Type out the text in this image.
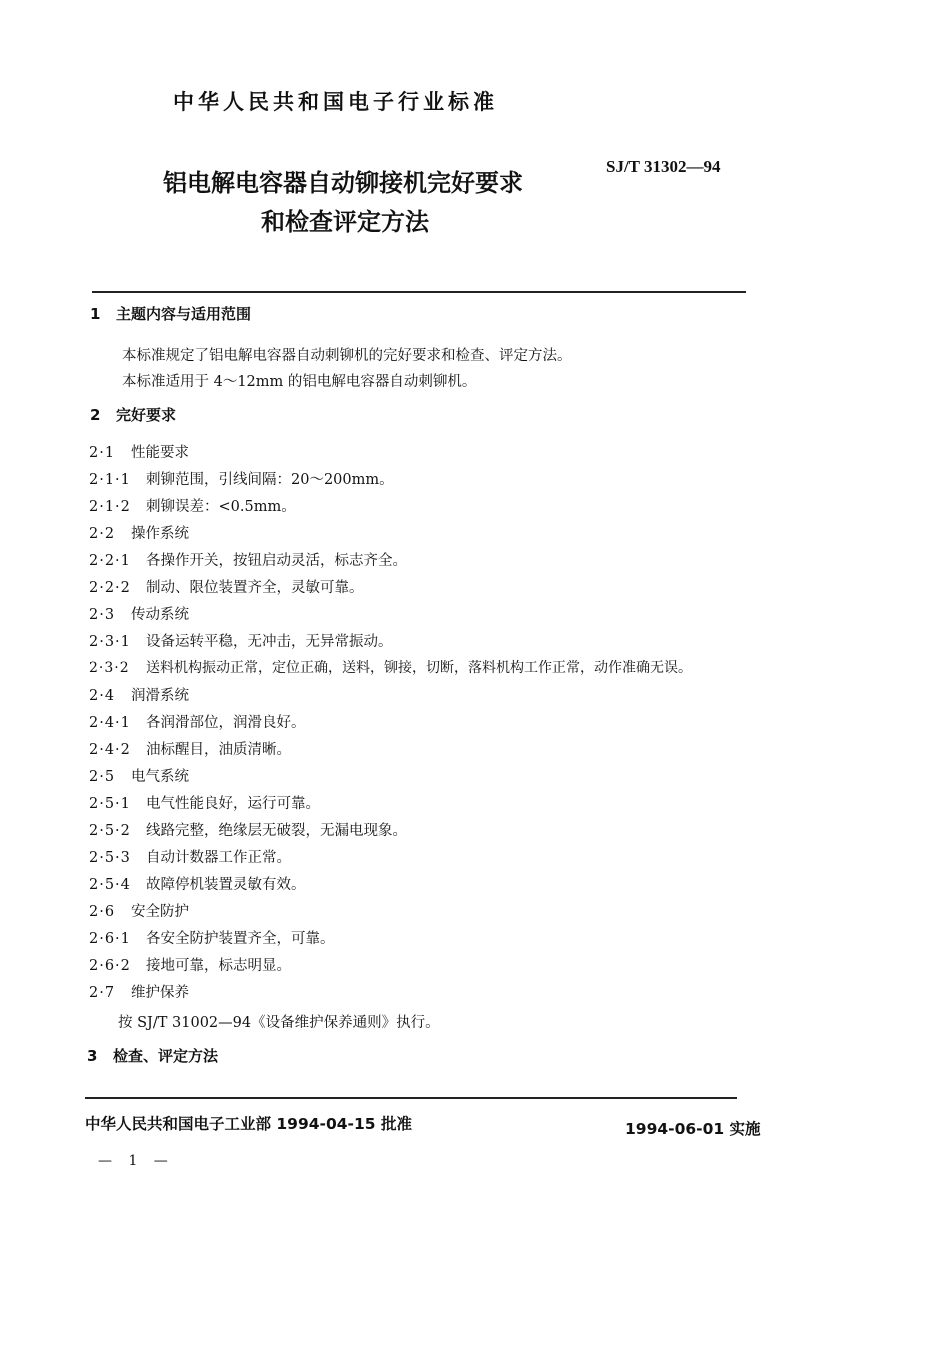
中华人民共和国电子行业标准
铝电解电容器自动铆接机完好要求
和检查评定方法
SJ/T 31302—94
1 主题内容与适用范围
本标准规定了铝电解电容器自动刺铆机的完好要求和检查、评定方法。
本标准适用于 4～12mm 的铝电解电容器自动刺铆机。
2 完好要求
2·1 性能要求
2·1·1 刺铆范围，引线间隔：20～200mm。
2·1·2 刺铆误差：<0.5mm。
2·2 操作系统
2·2·1 各操作开关，按钮启动灵活，标志齐全。
2·2·2 制动、限位装置齐全，灵敏可靠。
2·3 传动系统
2·3·1 设备运转平稳，无冲击，无异常振动。
2·3·2 送料机构振动正常，定位正确，送料，铆接，切断，落料机构工作正常，动作准确无误。
2·4 润滑系统
2·4·1 各润滑部位，润滑良好。
2·4·2 油标醒目，油质清晰。
2·5 电气系统
2·5·1 电气性能良好，运行可靠。
2·5·2 线路完整，绝缘层无破裂，无漏电现象。
2·5·3 自动计数器工作正常。
2·5·4 故障停机装置灵敏有效。
2·6 安全防护
2·6·1 各安全防护装置齐全，可靠。
2·6·2 接地可靠，标志明显。
2·7 维护保养
按 SJ/T 31002—94《设备维护保养通则》执行。
3 检查、评定方法
中华人民共和国电子工业部 1994-04-15 批准	1994-06-01 实施
— 1 —
